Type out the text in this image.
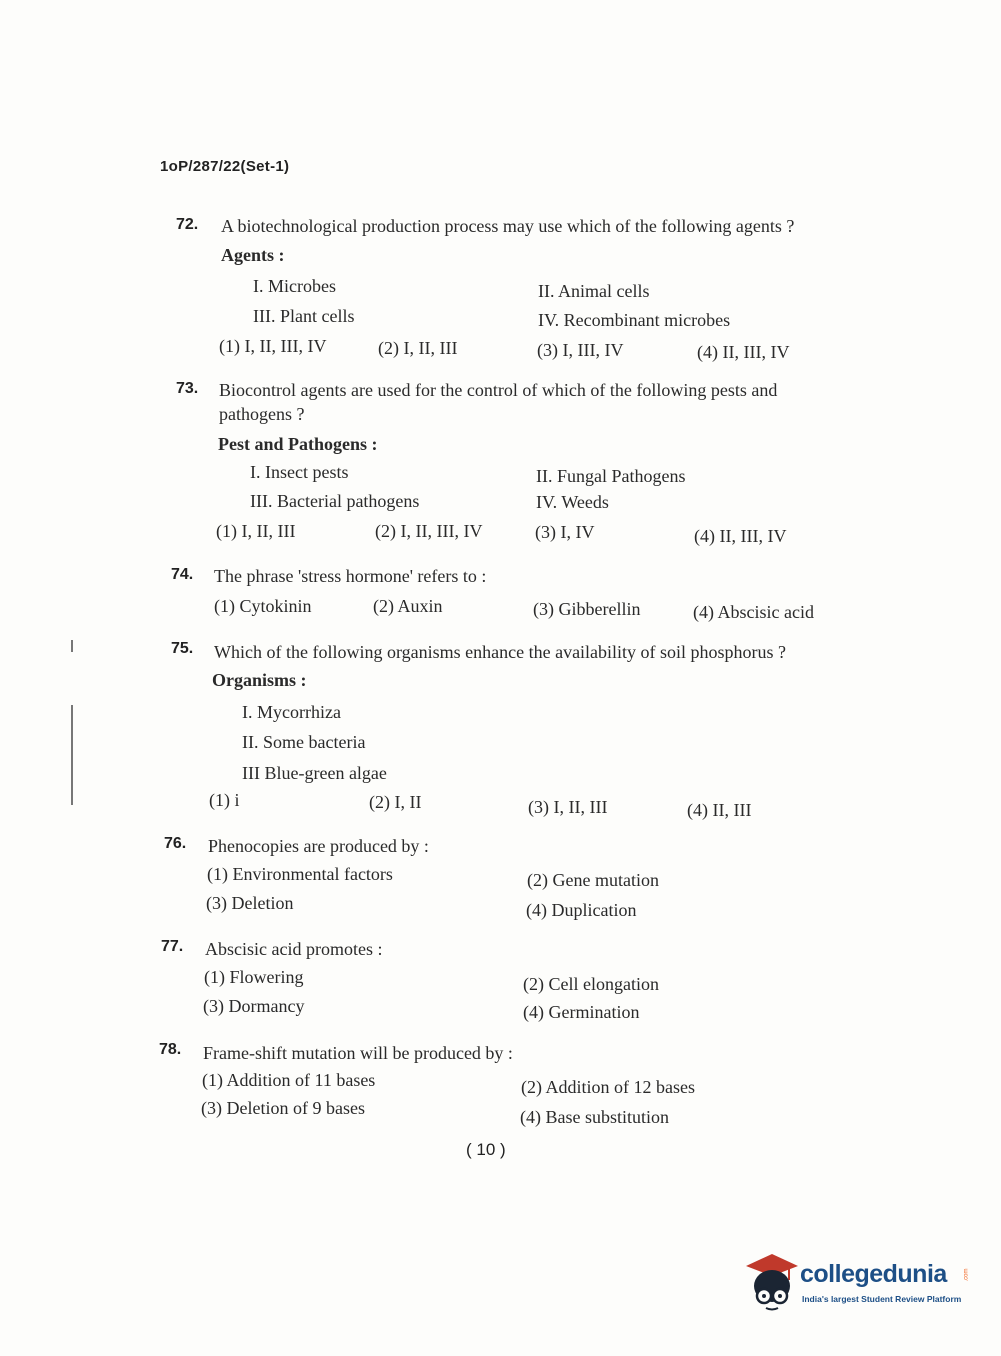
1oP/287/22(Set-1)
72. A biotechnological production process may use which of the following agents ?
Agents :
I. Microbes	II. Animal cells
III. Plant cells	IV. Recombinant microbes
(1) I, II, III, IV	(2) I, II, III	(3) I, III, IV	(4) II, III, IV
73. Biocontrol agents are used for the control of which of the following pests and
pathogens ?
Pest and Pathogens :
I. Insect pests	II. Fungal Pathogens
III. Bacterial pathogens	IV. Weeds
(1) I, II, III	(2) I, II, III, IV	(3) I, IV	(4) II, III, IV
74. The phrase 'stress hormone' refers to :
(1) Cytokinin	(2) Auxin	(3) Gibberellin	(4) Abscisic acid
75. Which of the following organisms enhance the availability of soil phosphorus ?
Organisms :
I. Mycorrhiza
II. Some bacteria
III Blue-green algae
(1) i	(2) I, II	(3) I, II, III	(4) II, III
76. Phenocopies are produced by :
(1) Environmental factors	(2) Gene mutation
(3) Deletion	(4) Duplication
77. Abscisic acid promotes :
(1) Flowering	(2) Cell elongation
(3) Dormancy	(4) Germination
78. Frame-shift mutation will be produced by :
(1) Addition of 11 bases	(2) Addition of 12 bases
(3) Deletion of 9 bases	(4) Base substitution
( 10 )
collegedunia	.com
India's largest Student Review Platform
